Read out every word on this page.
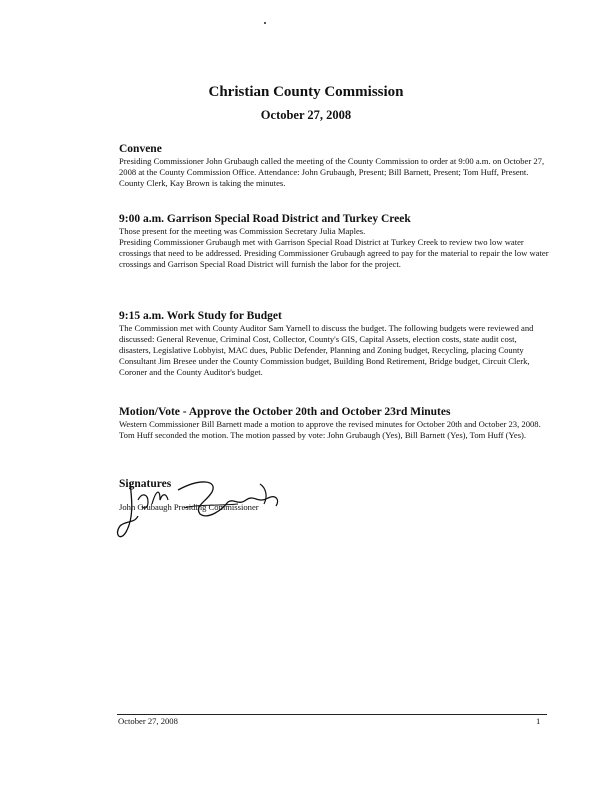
Christian County Commission
October 27, 2008

Convene

Presiding Commissioner John Grubaugh called the meeting of the County Commission to order at 9:00 a.m. on October 27, 2008 at the County Commission Office. Attendance: John Grubaugh, Present; Bill Barnett, Present; Tom Huff, Present. County Clerk, Kay Brown is taking the minutes.

9:00 a.m. Garrison Special Road District and Turkey Creek

Those present for the meeting was Commission Secretary Julia Maples.

Presiding Commissioner Grubaugh met with Garrison Special Road District at Turkey Creek to review two low water crossings that need to be addressed. Presiding Commissioner Grubaugh agreed to pay for the material to repair the low water crossings and Garrison Special Road District will furnish the labor for the project.

9:15 a.m. Work Study for Budget

The Commission met with County Auditor Sam Yarnell to discuss the budget. The following budgets were reviewed and discussed: General Revenue, Criminal Cost, Collector, County's GIS, Capital Assets, election costs, state audit cost, disasters, Legislative Lobbyist, MAC dues, Public Defender, Planning and Zoning budget, Recycling, placing County Consultant Jim Bresee under the County Commission budget, Building Bond Retirement, Bridge budget, Circuit Clerk, Coroner and the County Auditor's budget.

Motion/Vote - Approve the October 20th and October 23rd Minutes

Western Commissioner Bill Barnett made a motion to approve the revised minutes for October 20th and October 23, 2008. Tom Huff seconded the motion. The motion passed by vote: John Grubaugh (Yes), Bill Barnett (Yes), Tom Huff (Yes).

Signatures
John Grubaugh Presiding Commissioner
October 27, 2008	1
